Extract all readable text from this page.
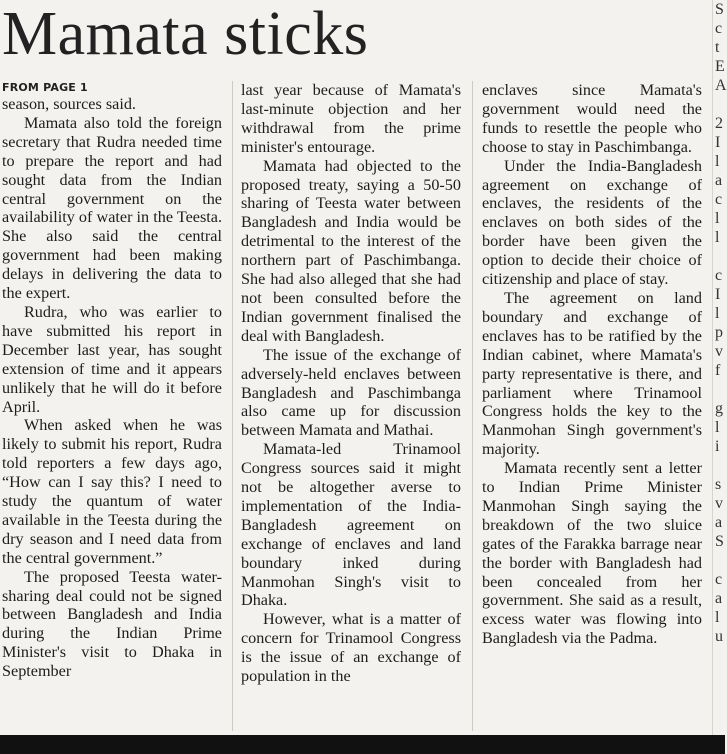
Mamata sticks
FROM PAGE 1

season, sources said.

Mamata also told the foreign secretary that Rudra needed time to prepare the report and had sought data from the Indian central government on the availability of water in the Teesta. She also said the central government had been making delays in delivering the data to the expert.

Rudra, who was earlier to have submitted his report in December last year, has sought extension of time and it appears unlikely that he will do it before April.

When asked when he was likely to submit his report, Rudra told reporters a few days ago, “How can I say this? I need to study the quantum of water available in the Teesta during the dry season and I need data from the central government.”

The proposed Teesta water-sharing deal could not be signed between Bangladesh and India during the Indian Prime Minister's visit to Dhaka in September

last year because of Mamata's last-minute objection and her withdrawal from the prime minister's entourage.

Mamata had objected to the proposed treaty, saying a 50-50 sharing of Teesta water between Bangladesh and India would be detrimental to the interest of the northern part of Paschimbanga. She had also alleged that she had not been consulted before the Indian government finalised the deal with Bangladesh.

The issue of the exchange of adversely-held enclaves between Bangladesh and Paschimbanga also came up for discussion between Mamata and Mathai.

Mamata-led Trinamool Congress sources said it might not be altogether averse to implementation of the India-Bangladesh agreement on exchange of enclaves and land boundary inked during Manmohan Singh's visit to Dhaka.

However, what is a matter of concern for Trinamool Congress is the issue of an exchange of population in the

enclaves since Mamata's government would need the funds to resettle the people who choose to stay in Paschimbanga.

Under the India-Bangladesh agreement on exchange of enclaves, the residents of the enclaves on both sides of the border have been given the option to decide their choice of citizenship and place of stay.

The agreement on land boundary and exchange of enclaves has to be ratified by the Indian cabinet, where Mamata's party representative is there, and parliament where Trinamool Congress holds the key to the Manmohan Singh government's majority.

Mamata recently sent a letter to Indian Prime Minister Manmohan Singh saying the breakdown of the two sluice gates of the Farakka barrage near the border with Bangladesh had been concealed from her government. She said as a result, excess water was flowing into Bangladesh via the Padma.

S
c
t
E
A

2
I
l
a
c
l
l

c
I
l
p
v
f

g
l
i

s
v
a
S

c
a
l
u
